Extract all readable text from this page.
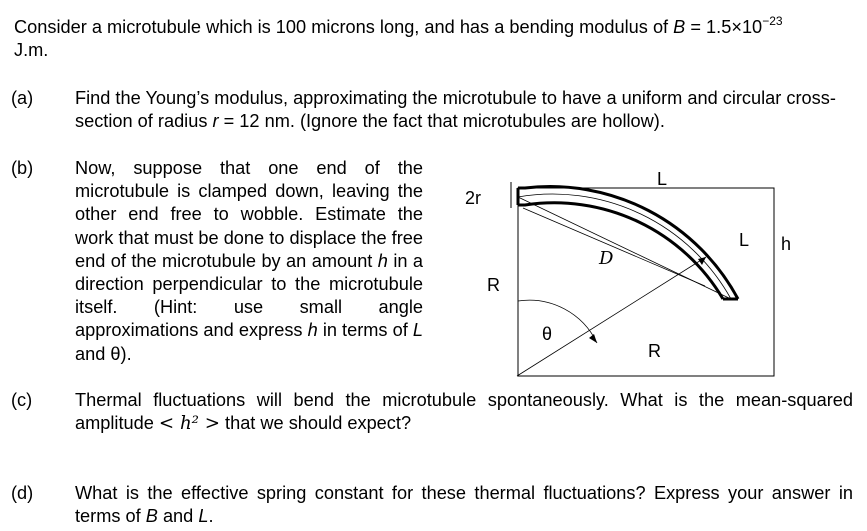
Consider a microtubule which is 100 microns long, and has a bending modulus of $B = 1.5\times 10^{-23}$
J.m.
(a) Find the Young’s modulus, approximating the microtubule to have a uniform and circular cross-section of radius r = 12 nm. (Ignore the fact that microtubules are hollow).
(b) Now, suppose that one end of the microtubule is clamped down, leaving the other end free to wobble. Estimate the work that must be done to displace the free end of the microtubule by an amount h in a direction perpendicular to the microtubule itself. (Hint: use small angle approximations and express h in terms of L and θ).
2r
L
L h
R
R
D
θ
(c) Thermal fluctuations will bend the microtubule spontaneously. What is the mean-squared amplitude < h² > that we should expect?
(d) What is the effective spring constant for these thermal fluctuations? Express your answer in terms of B and L.
